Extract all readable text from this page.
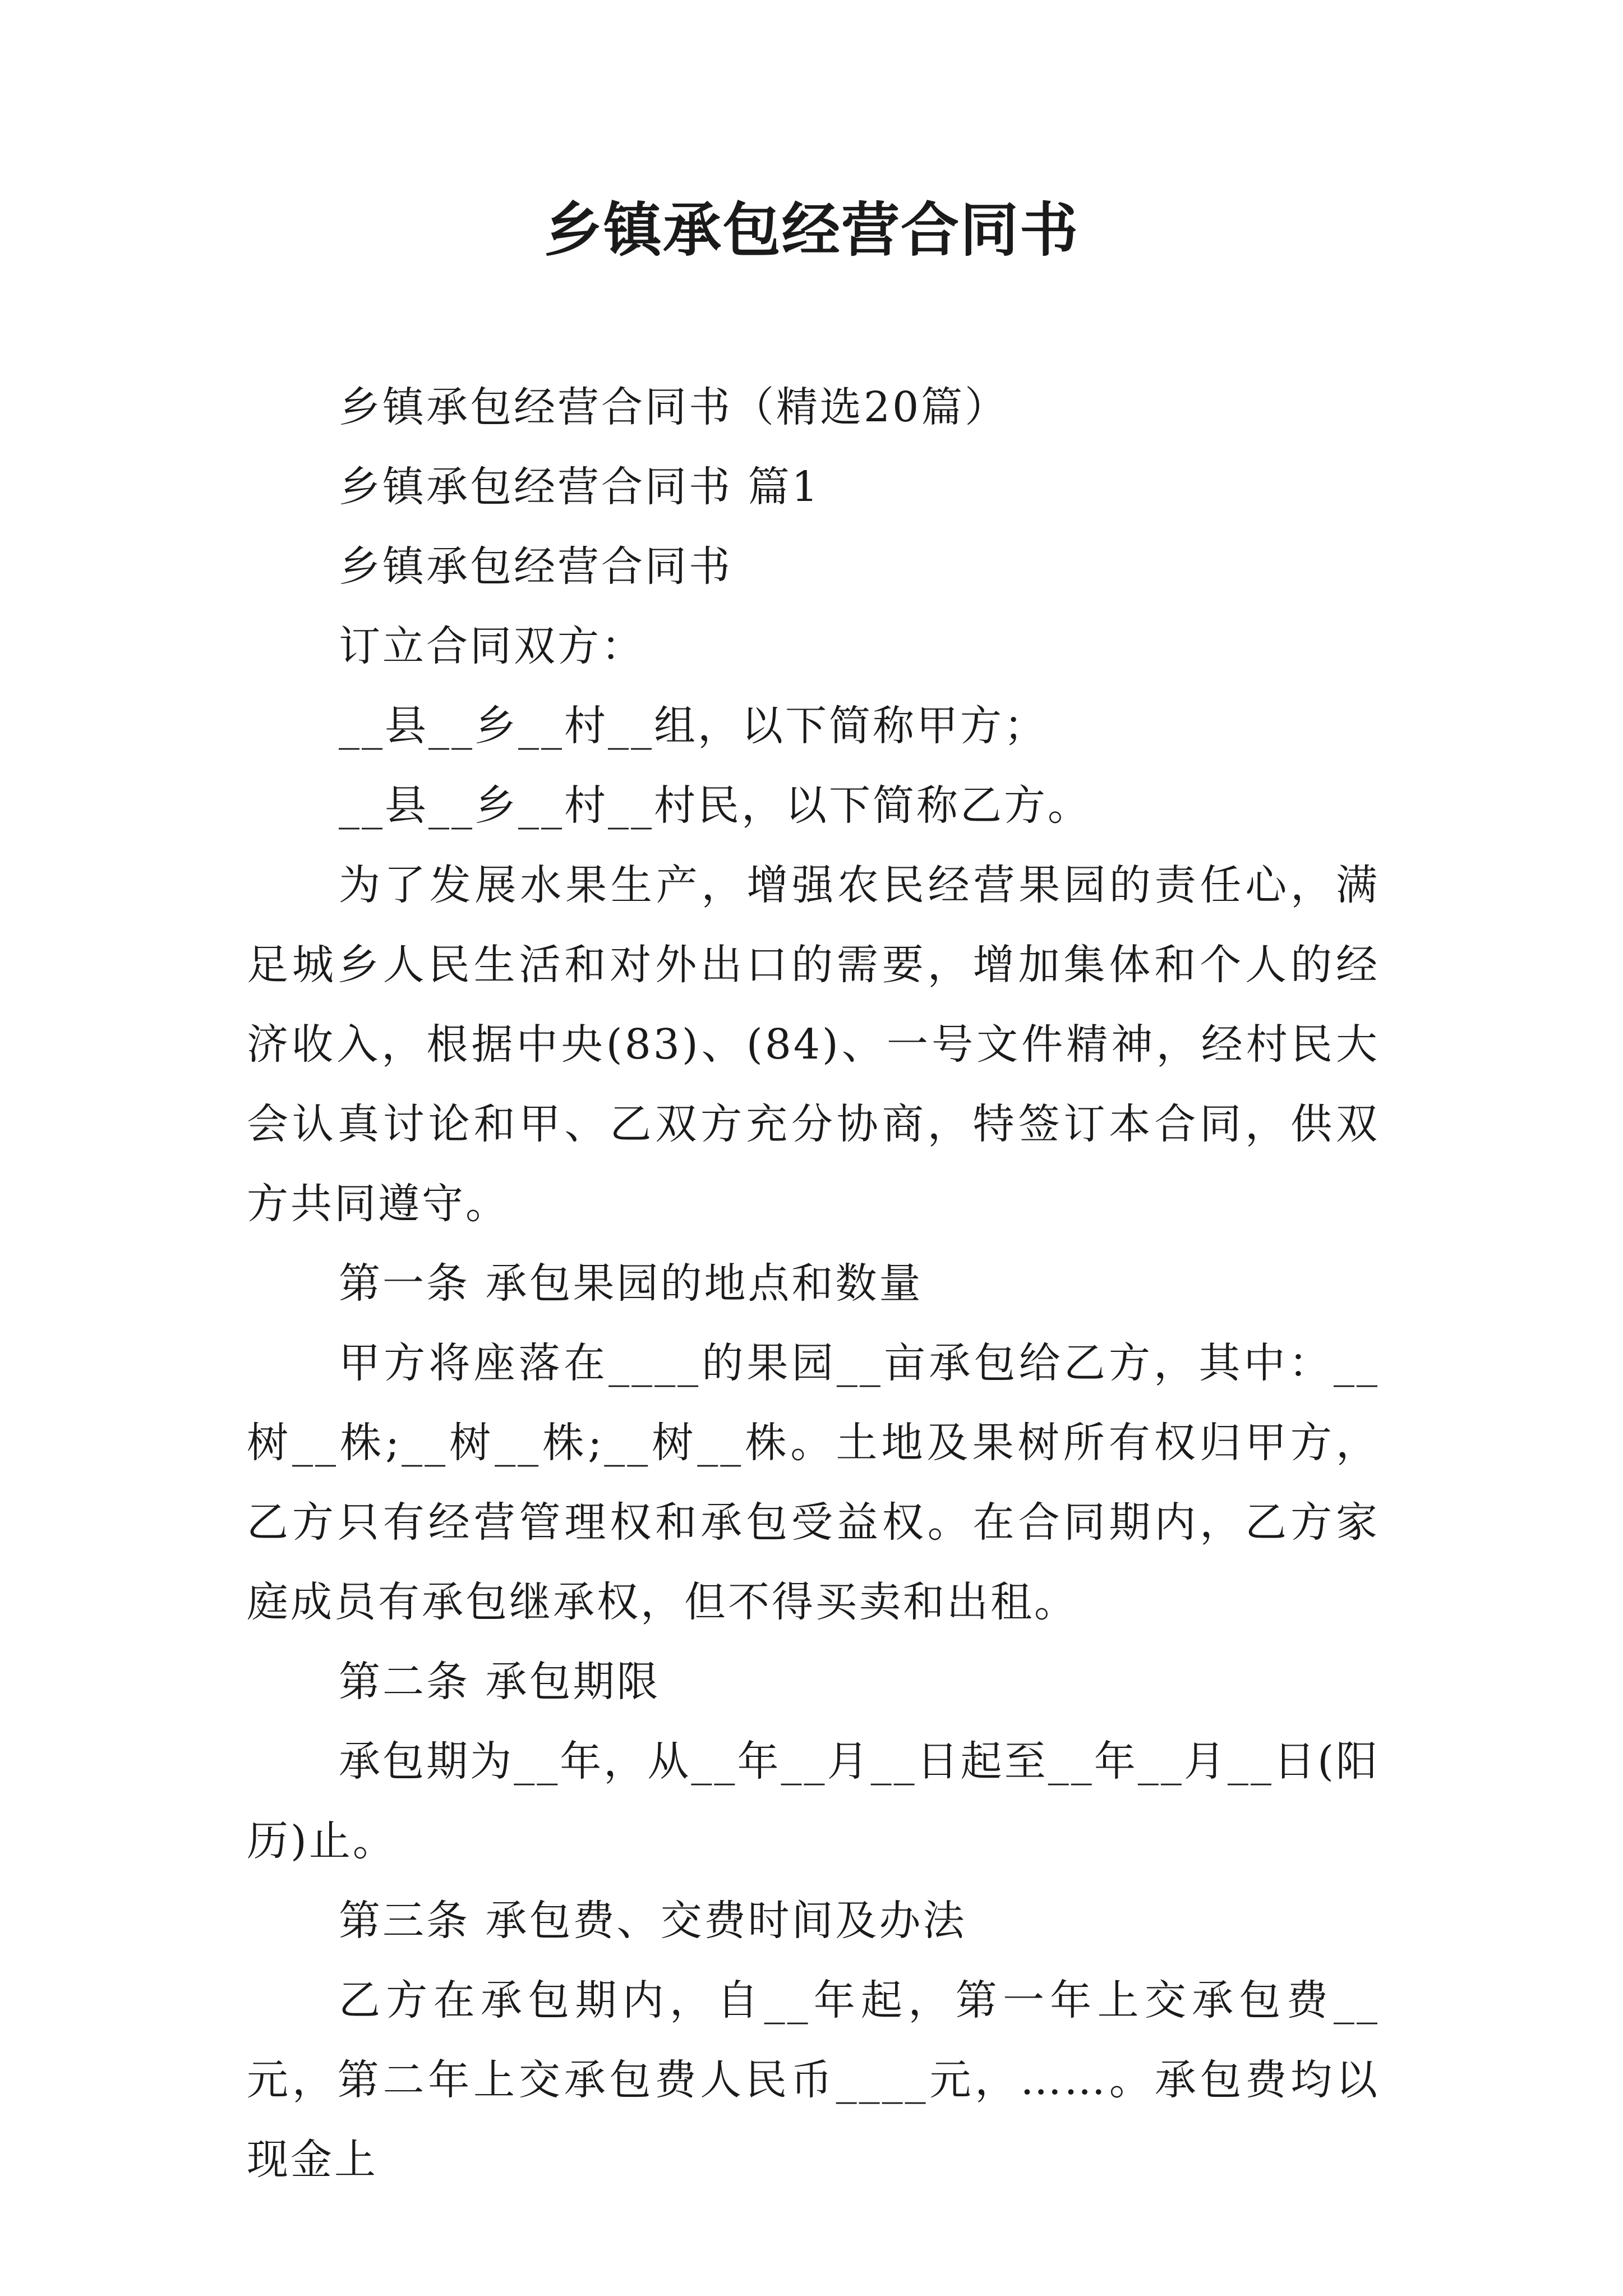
乡镇承包经营合同书

乡镇承包经营合同书（精选20篇）

乡镇承包经营合同书 篇1

乡镇承包经营合同书

订立合同双方：

__县__乡__村__组，以下简称甲方；

__县__乡__村__村民，以下简称乙方。

为了发展水果生产，增强农民经营果园的责任心，满足城乡人民生活和对外出口的需要，增加集体和个人的经济收入，根据中央(83)、(84)、一号文件精神，经村民大会认真讨论和甲、乙双方充分协商，特签订本合同，供双方共同遵守。

第一条 承包果园的地点和数量

甲方将座落在____的果园__亩承包给乙方，其中：__树__株;__树__株;__树__株。土地及果树所有权归甲方，乙方只有经营管理权和承包受益权。在合同期内，乙方家庭成员有承包继承权，但不得买卖和出租。

第二条 承包期限

承包期为__年，从__年__月__日起至__年__月__日(阳历)止。

第三条 承包费、交费时间及办法

乙方在承包期内，自__年起，第一年上交承包费__元，第二年上交承包费人民币____元，……。承包费均以现金上
